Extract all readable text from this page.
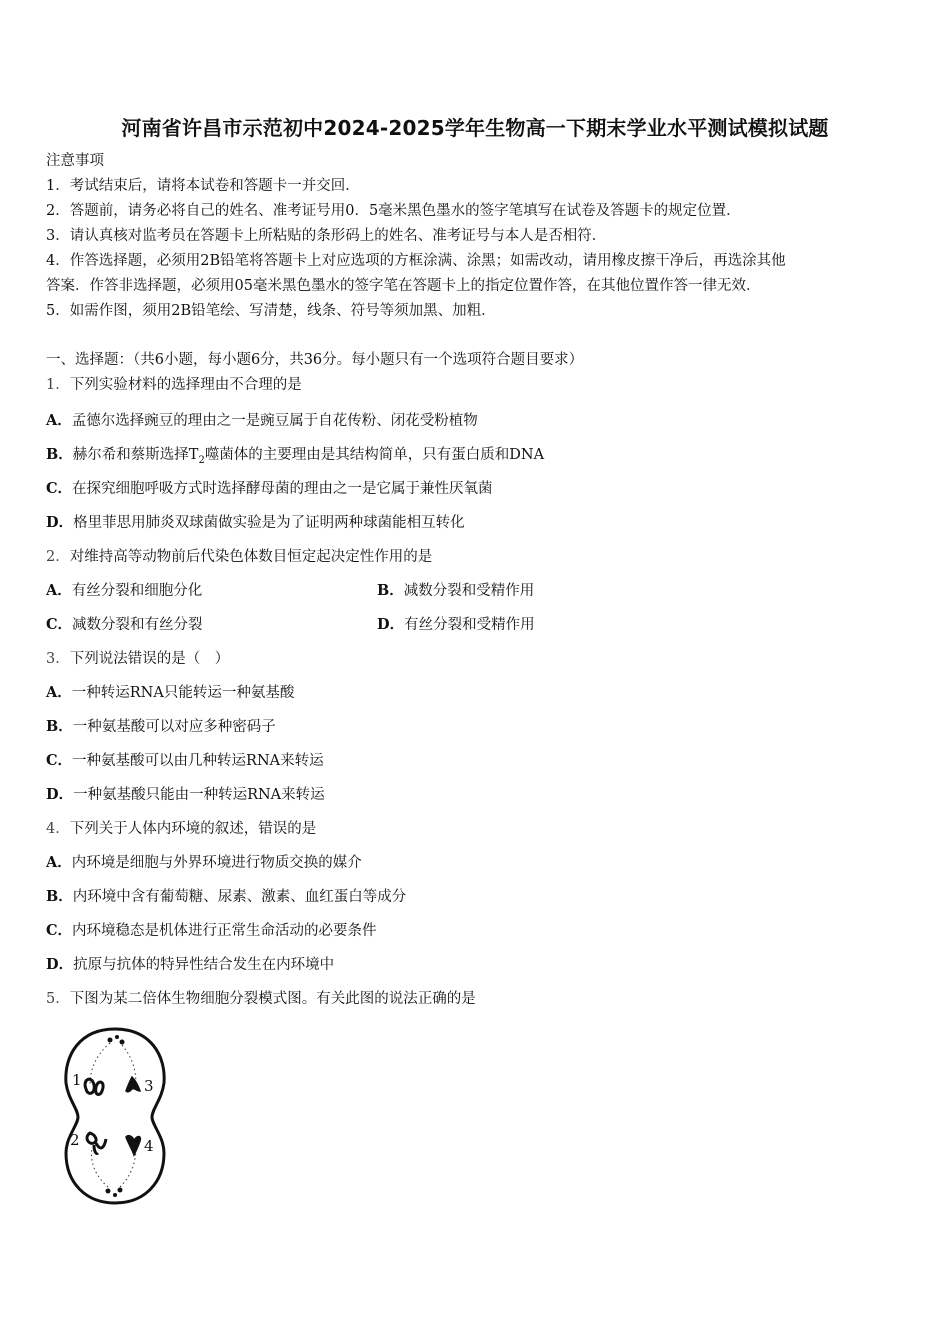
河南省许昌市示范初中2024-2025学年生物高一下期末学业水平测试模拟试题
注意事项
1．考试结束后，请将本试卷和答题卡一并交回．
2．答题前，请务必将自己的姓名、准考证号用0．5毫米黑色墨水的签字笔填写在试卷及答题卡的规定位置．
3．请认真核对监考员在答题卡上所粘贴的条形码上的姓名、准考证号与本人是否相符．
4．作答选择题，必须用2B铅笔将答题卡上对应选项的方框涂满、涂黑；如需改动，请用橡皮擦干净后，再选涂其他
答案．作答非选择题，必须用05毫米黑色墨水的签字笔在答题卡上的指定位置作答，在其他位置作答一律无效．
5．如需作图，须用2B铅笔绘、写清楚，线条、符号等须加黑、加粗．
一、选择题：（共6小题，每小题6分，共36分。每小题只有一个选项符合题目要求）
1．下列实验材料的选择理由不合理的是
A．孟德尔选择豌豆的理由之一是豌豆属于自花传粉、闭花受粉植物
B．赫尔希和蔡斯选择$T_2$噬菌体的主要理由是其结构简单，只有蛋白质和DNA
C．在探究细胞呼吸方式时选择酵母菌的理由之一是它属于兼性厌氧菌
D．格里菲思用肺炎双球菌做实验是为了证明两种球菌能相互转化
2．对维持高等动物前后代染色体数目恒定起决定性作用的是
A．有丝分裂和细胞分化	B．减数分裂和受精作用
C．减数分裂和有丝分裂	D．有丝分裂和受精作用
3．下列说法错误的是（　）
A．一种转运RNA只能转运一种氨基酸
B．一种氨基酸可以对应多种密码子
C．一种氨基酸可以由几种转运RNA来转运
D．一种氨基酸只能由一种转运RNA来转运
4．下列关于人体内环境的叙述，错误的是
A．内环境是细胞与外界环境进行物质交换的媒介
B．内环境中含有葡萄糖、尿素、激素、血红蛋白等成分
C．内环境稳态是机体进行正常生命活动的必要条件
D．抗原与抗体的特异性结合发生在内环境中
5．下图为某二倍体生物细胞分裂模式图。有关此图的说法正确的是
1	3
2	4
